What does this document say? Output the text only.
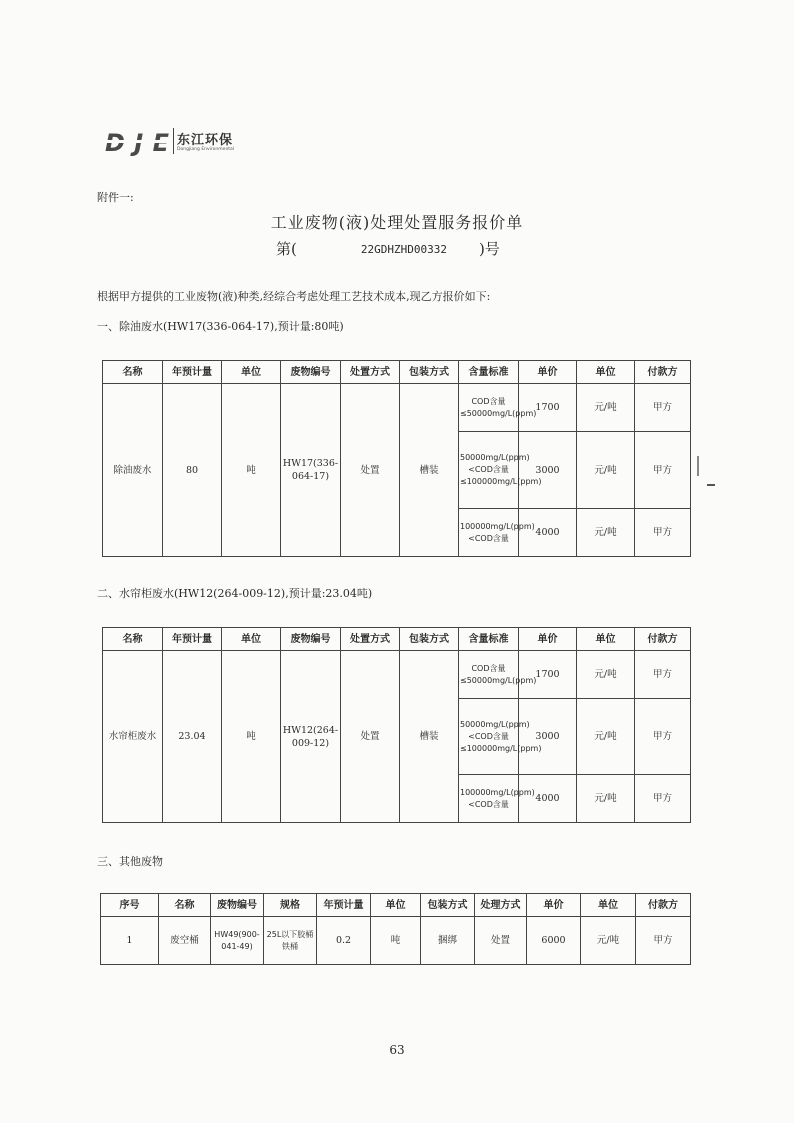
东江环保
Dongjiang Environmental
附件一:
工业废物(液)处理处置服务报价单
第(	22GDHZHD00332 )号
根据甲方提供的工业废物(液)种类,经综合考虑处理工艺技术成本,现乙方报价如下:
一、除油废水(HW17(336-064-17),预计量:80吨)
名称	年预计量	单位	废物编号	处置方式	包装方式	含量标准	单价	单位	付款方
除油废水	80	吨	HW17(336-064-17)	处置	槽装	COD含量≤50000mg/L(ppm)	1700	元/吨	甲方
						50000mg/L(ppm)<COD含量≤100000mg/L(ppm)	3000	元/吨	甲方
						100000mg/L(ppm)<COD含量	4000	元/吨	甲方
二、水帘柜废水(HW12(264-009-12),预计量:23.04吨)
名称	年预计量	单位	废物编号	处置方式	包装方式	含量标准	单价	单位	付款方
水帘柜废水	23.04	吨	HW12(264-009-12)	处置	槽装	COD含量≤50000mg/L(ppm)	1700	元/吨	甲方
						50000mg/L(ppm)<COD含量≤100000mg/L(ppm)	3000	元/吨	甲方
						100000mg/L(ppm)<COD含量	4000	元/吨	甲方
三、其他废物
序号	名称	废物编号	规格	年预计量	单位	包装方式	处理方式	单价	单位	付款方
1	废空桶	HW49(900-041-49)	25L以下胶桶 铁桶	0.2	吨	捆绑	处置	6000	元/吨	甲方
63
